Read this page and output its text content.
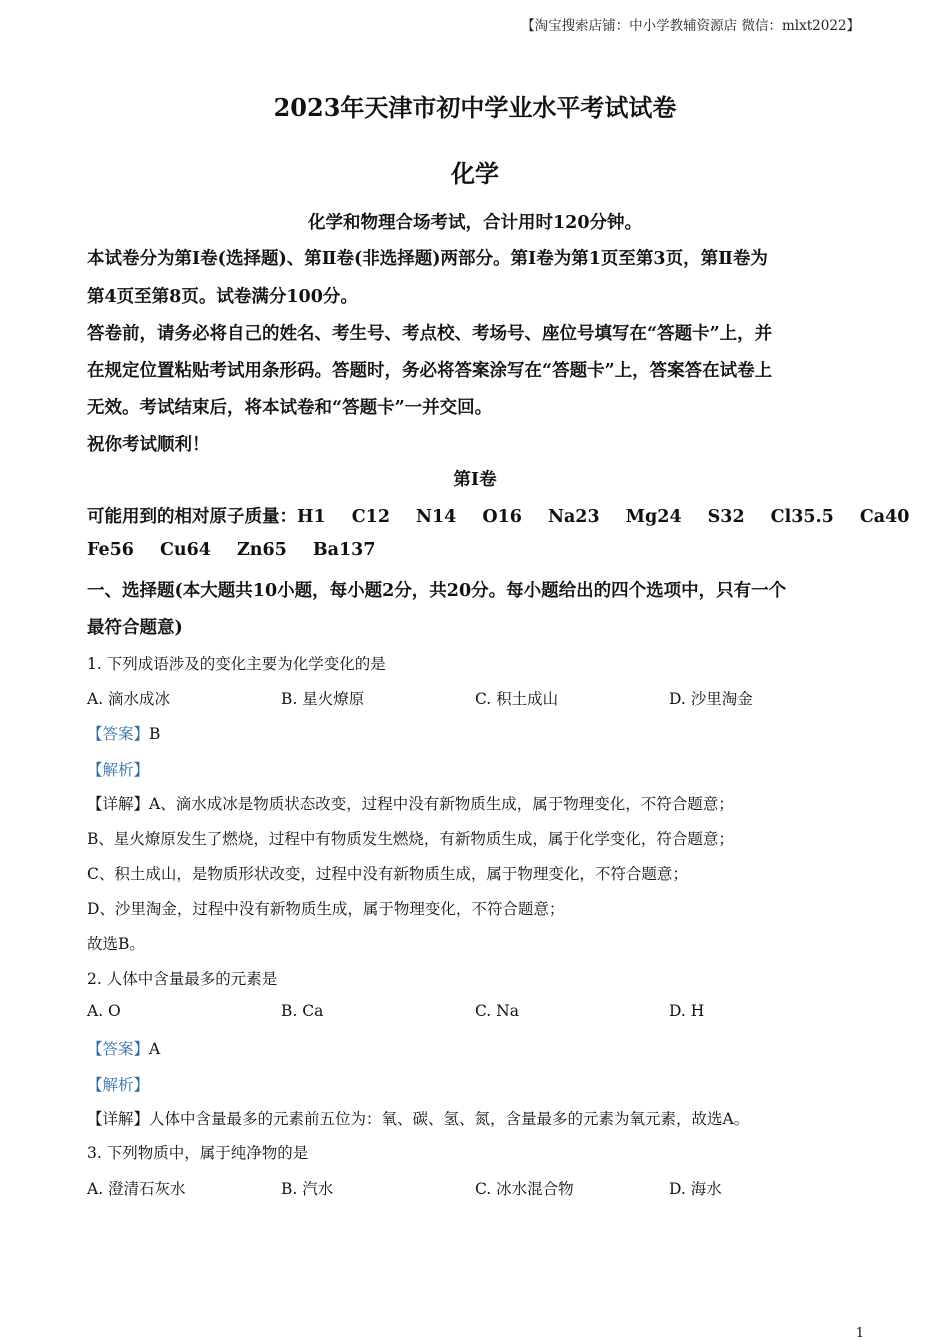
【淘宝搜索店铺：中小学教辅资源店 微信：mlxt2022】
2023年天津市初中学业水平考试试卷
化学
化学和物理合场考试，合计用时120分钟。
本试卷分为第Ⅰ卷(选择题)、第Ⅱ卷(非选择题)两部分。第Ⅰ卷为第1页至第3页，第Ⅱ卷为
第4页至第8页。试卷满分100分。
答卷前，请务必将自己的姓名、考生号、考点校、考场号、座位号填写在“答题卡”上，并
在规定位置粘贴考试用条形码。答题时，务必将答案涂写在“答题卡”上，答案答在试卷上
无效。考试结束后，将本试卷和“答题卡”一并交回。
祝你考试顺利！
第Ⅰ卷
可能用到的相对原子质量：H1 C12 N14 O16 Na23 Mg24 S32 Cl35.5 Ca40
Fe56 Cu64 Zn65 Ba137
一、选择题(本大题共10小题，每小题2分，共20分。每小题给出的四个选项中，只有一个
最符合题意)
1. 下列成语涉及的变化主要为化学变化的是
A. 滴水成冰	B. 星火燎原	C. 积土成山	D. 沙里淘金
【答案】B
【解析】
【详解】A、滴水成冰是物质状态改变，过程中没有新物质生成，属于物理变化，不符合题意；
B、星火燎原发生了燃烧，过程中有物质发生燃烧，有新物质生成，属于化学变化，符合题意；
C、积土成山，是物质形状改变，过程中没有新物质生成，属于物理变化，不符合题意；
D、沙里淘金，过程中没有新物质生成，属于物理变化，不符合题意；
故选B。
2. 人体中含量最多的元素是
A. O	B. Ca	C. Na	D. H
【答案】A
【解析】
【详解】人体中含量最多的元素前五位为：氧、碳、氢、氮，含量最多的元素为氧元素，故选A。
3. 下列物质中，属于纯净物的是
A. 澄清石灰水	B. 汽水	C. 冰水混合物	D. 海水
1
